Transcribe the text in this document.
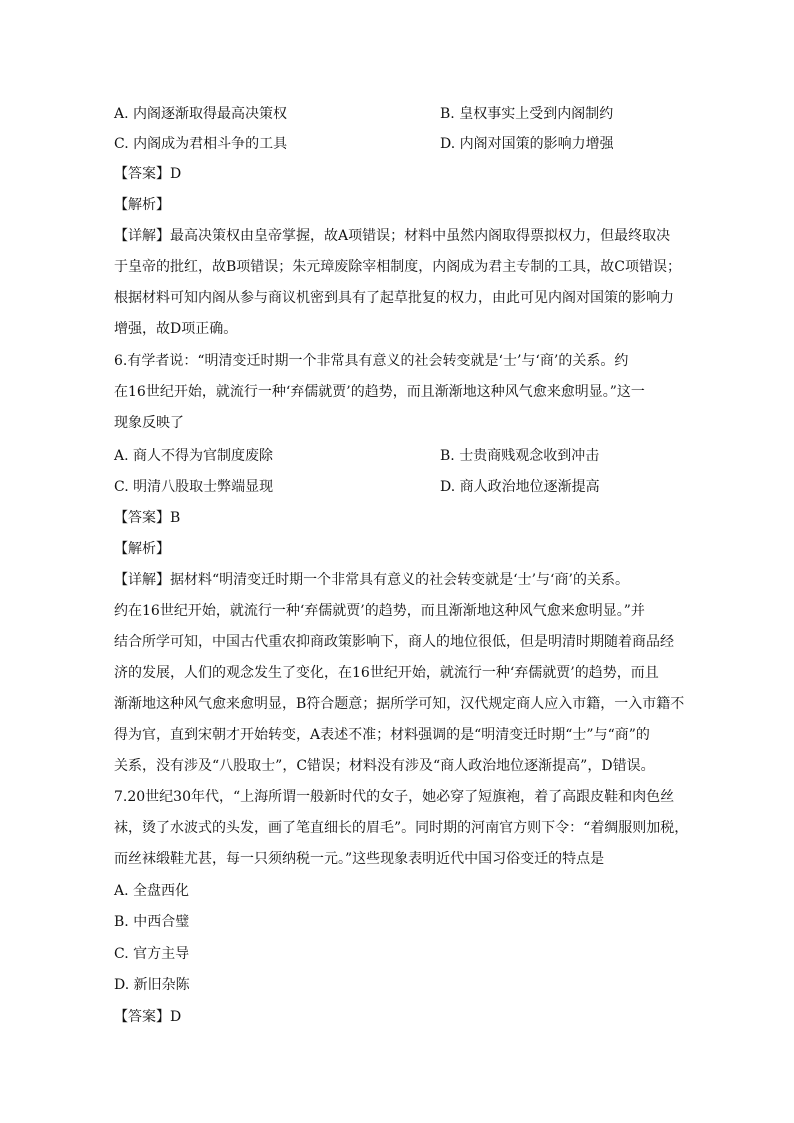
A. 内阁逐渐取得最高决策权	B. 皇权事实上受到内阁制约
C. 内阁成为君相斗争的工具	D. 内阁对国策的影响力增强
【答案】D
【解析】
【详解】最高决策权由皇帝掌握，故A项错误；材料中虽然内阁取得票拟权力，但最终取决
于皇帝的批红，故B项错误；朱元璋废除宰相制度，内阁成为君主专制的工具，故C项错误；
根据材料可知内阁从参与商议机密到具有了起草批复的权力，由此可见内阁对国策的影响力
增强，故D项正确。
6.有学者说：“明清变迁时期一个非常具有意义的社会转变就是‘士’与‘商’的关系。约
在16世纪开始，就流行一种‘弃儒就贾’的趋势，而且渐渐地这种风气愈来愈明显。”这一
现象反映了
A. 商人不得为官制度废除	B. 士贵商贱观念收到冲击
C. 明清八股取士弊端显现	D. 商人政治地位逐渐提高
【答案】B
【解析】
【详解】据材料“明清变迁时期一个非常具有意义的社会转变就是‘士’与‘商’的关系。
约在16世纪开始，就流行一种‘弃儒就贾’的趋势，而且渐渐地这种风气愈来愈明显。”并
结合所学可知，中国古代重农抑商政策影响下，商人的地位很低，但是明清时期随着商品经
济的发展，人们的观念发生了变化，在16世纪开始，就流行一种‘弃儒就贾’的趋势，而且
渐渐地这种风气愈来愈明显，B符合题意；据所学可知，汉代规定商人应入市籍，一入市籍不
得为官，直到宋朝才开始转变，A表述不准；材料强调的是“明清变迁时期“士”与“商”的
关系，没有涉及“八股取士”，C错误；材料没有涉及“商人政治地位逐渐提高”，D错误。
7.20世纪30年代，“上海所谓一般新时代的女子，她必穿了短旗袍，着了高跟皮鞋和肉色丝
袜，烫了水波式的头发，画了笔直细长的眉毛”。同时期的河南官方则下令：“着绸服则加税，
而丝袜缎鞋尤甚，每一只须纳税一元。”这些现象表明近代中国习俗变迁的特点是
A. 全盘西化
B. 中西合璧
C. 官方主导
D. 新旧杂陈
【答案】D
